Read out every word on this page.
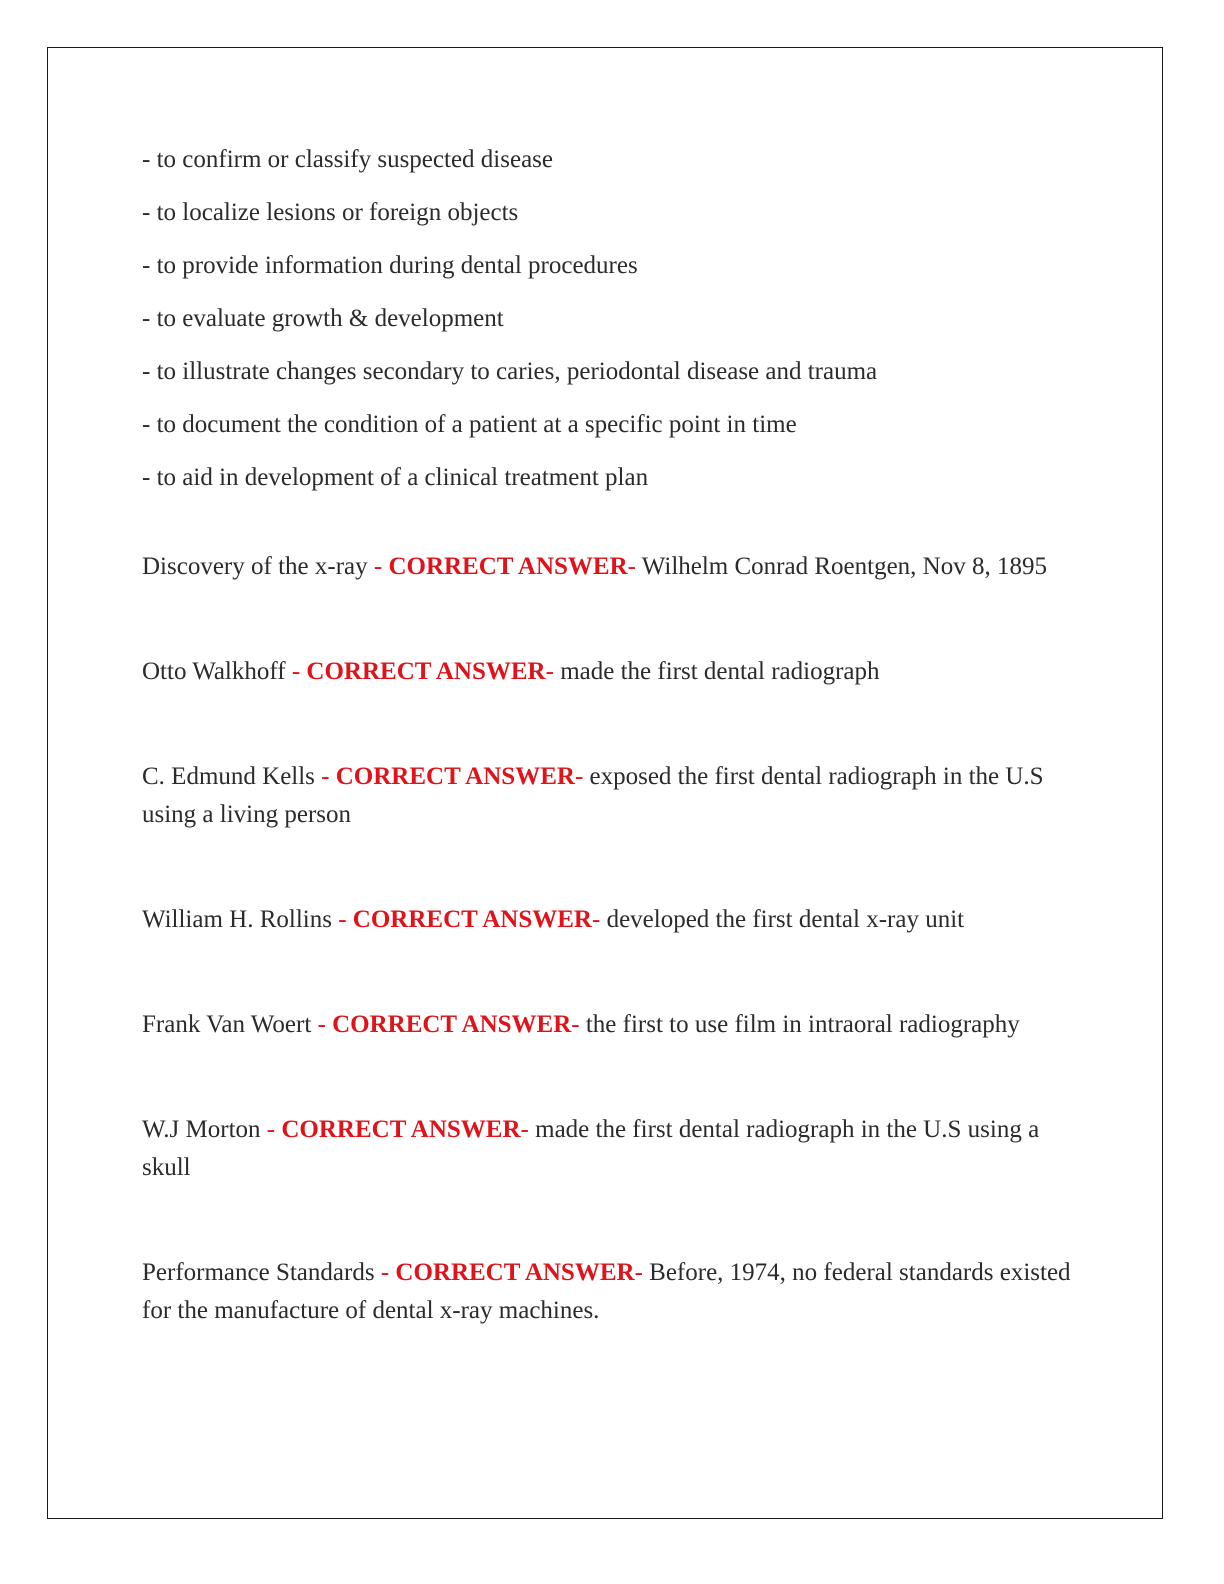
- to confirm or classify suspected disease
- to localize lesions or foreign objects
- to provide information during dental procedures
- to evaluate growth & development
- to illustrate changes secondary to caries, periodontal disease and trauma
- to document the condition of a patient at a specific point in time
- to aid in development of a clinical treatment plan

Discovery of the x-ray - CORRECT ANSWER- Wilhelm Conrad Roentgen, Nov 8, 1895

Otto Walkhoff - CORRECT ANSWER- made the first dental radiograph

C. Edmund Kells - CORRECT ANSWER- exposed the first dental radiograph in the U.S using a living person

William H. Rollins - CORRECT ANSWER- developed the first dental x-ray unit

Frank Van Woert - CORRECT ANSWER- the first to use film in intraoral radiography

W.J Morton - CORRECT ANSWER- made the first dental radiograph in the U.S using a skull

Performance Standards - CORRECT ANSWER- Before, 1974, no federal standards existed for the manufacture of dental x-ray machines.
